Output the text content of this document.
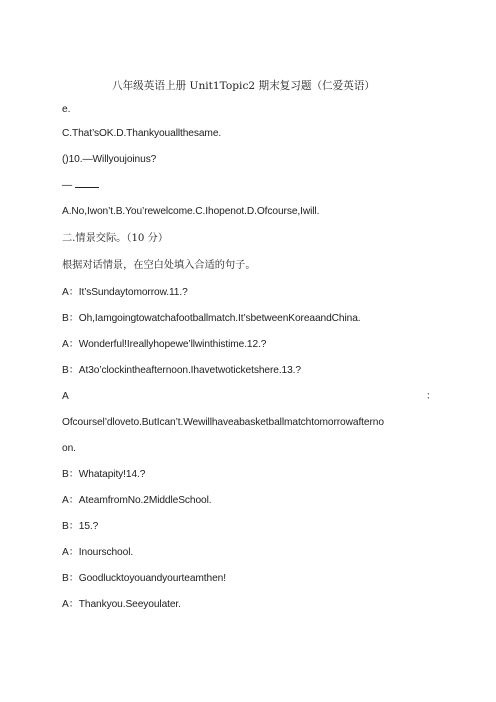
八年级英语上册 Unit1Topic2 期末复习题（仁爱英语）
e.
C.That’sOK.D.Thankyouallthesame.
()10.—Willyoujoinus?
—
A.No,Iwon’t.B.You’rewelcome.C.Ihopenot.D.Ofcourse,Iwill.
二.情景交际。（10 分）
根据对话情景，在空白处填入合适的句子。
A：It’sSundaytomorrow.11.?
B：Oh,Iamgoingtowatchafootballmatch.It’sbetweenKoreaandChina.
A：Wonderful!Ireallyhopewe’llwinthistime.12.?
B：At3o’clockintheafternoon.Ihavetwoticketshere.13.?
A	：
Ofcoursel’dloveto.ButIcan’t.Wewillhaveabasketballmatchtomorrowafterno
on.
B：Whatapity!14.?
A：AteamfromNo.2MiddleSchool.
B：15.?
A：Inourschool.
B：Goodlucktoyouandyourteamthen!
A：Thankyou.Seeyoulater.
